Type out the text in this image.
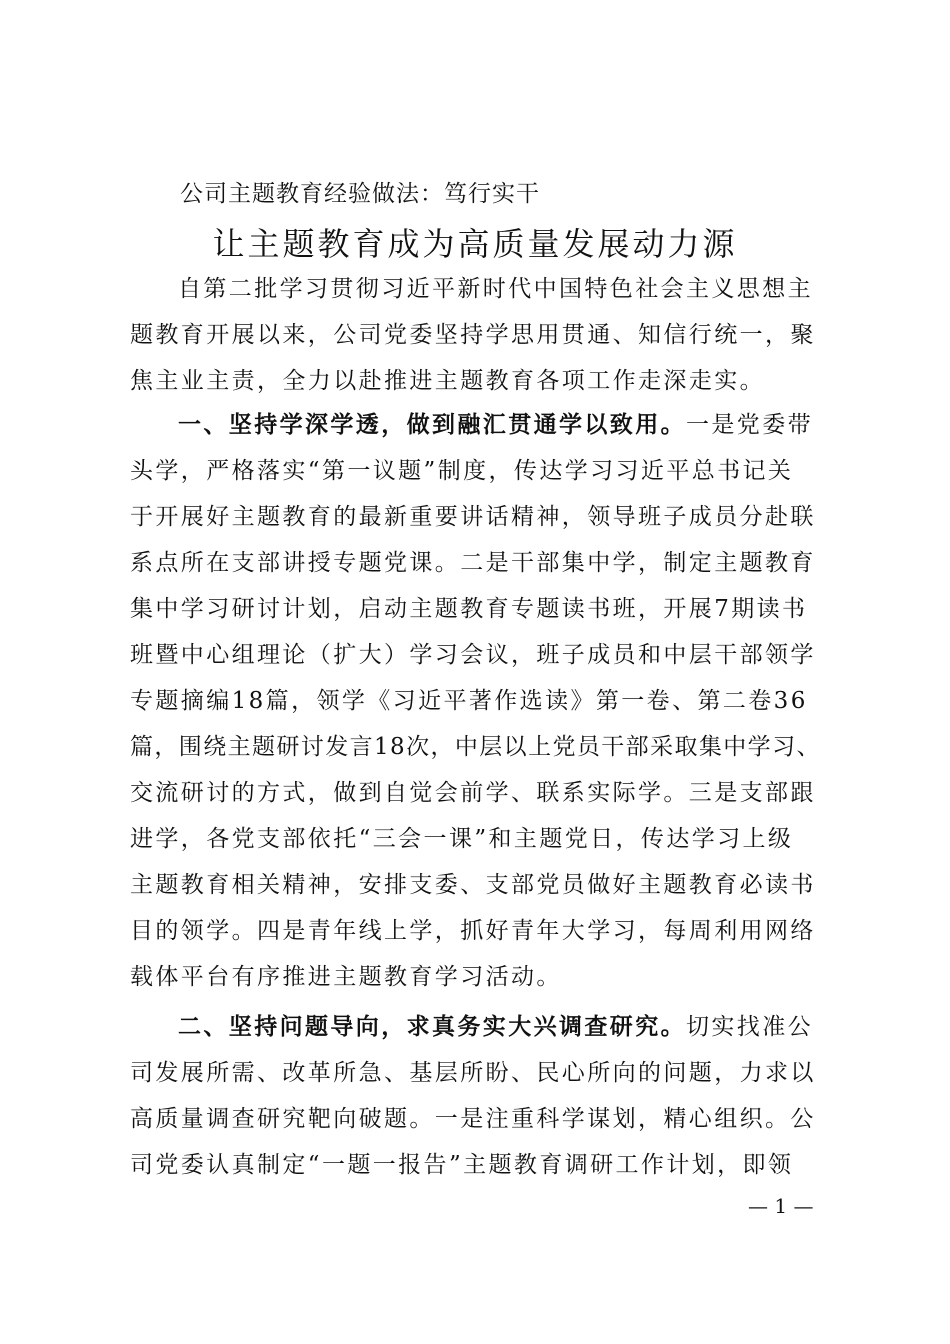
公司主题教育经验做法：笃行实干
让主题教育成为高质量发展动力源
自第二批学习贯彻习近平新时代中国特色社会主义思想主
题教育开展以来，公司党委坚持学思用贯通、知信行统一，聚
焦主业主责，全力以赴推进主题教育各项工作走深走实。
一、坚持学深学透，做到融汇贯通学以致用。一是党委带
头学，严格落实“第一议题”制度，传达学习习近平总书记关
于开展好主题教育的最新重要讲话精神，领导班子成员分赴联
系点所在支部讲授专题党课。二是干部集中学，制定主题教育
集中学习研讨计划，启动主题教育专题读书班，开展7期读书
班暨中心组理论（扩大）学习会议，班子成员和中层干部领学
专题摘编18篇，领学《习近平著作选读》第一卷、第二卷36
篇，围绕主题研讨发言18次，中层以上党员干部采取集中学习、
交流研讨的方式，做到自觉会前学、联系实际学。三是支部跟
进学，各党支部依托“三会一课”和主题党日，传达学习上级
主题教育相关精神，安排支委、支部党员做好主题教育必读书
目的领学。四是青年线上学，抓好青年大学习，每周利用网络
载体平台有序推进主题教育学习活动。
二、坚持问题导向，求真务实大兴调查研究。切实找准公
司发展所需、改革所急、基层所盼、民心所向的问题，力求以
高质量调查研究靶向破题。一是注重科学谋划，精心组织。公
司党委认真制定“一题一报告”主题教育调研工作计划，即领
— 1 —
